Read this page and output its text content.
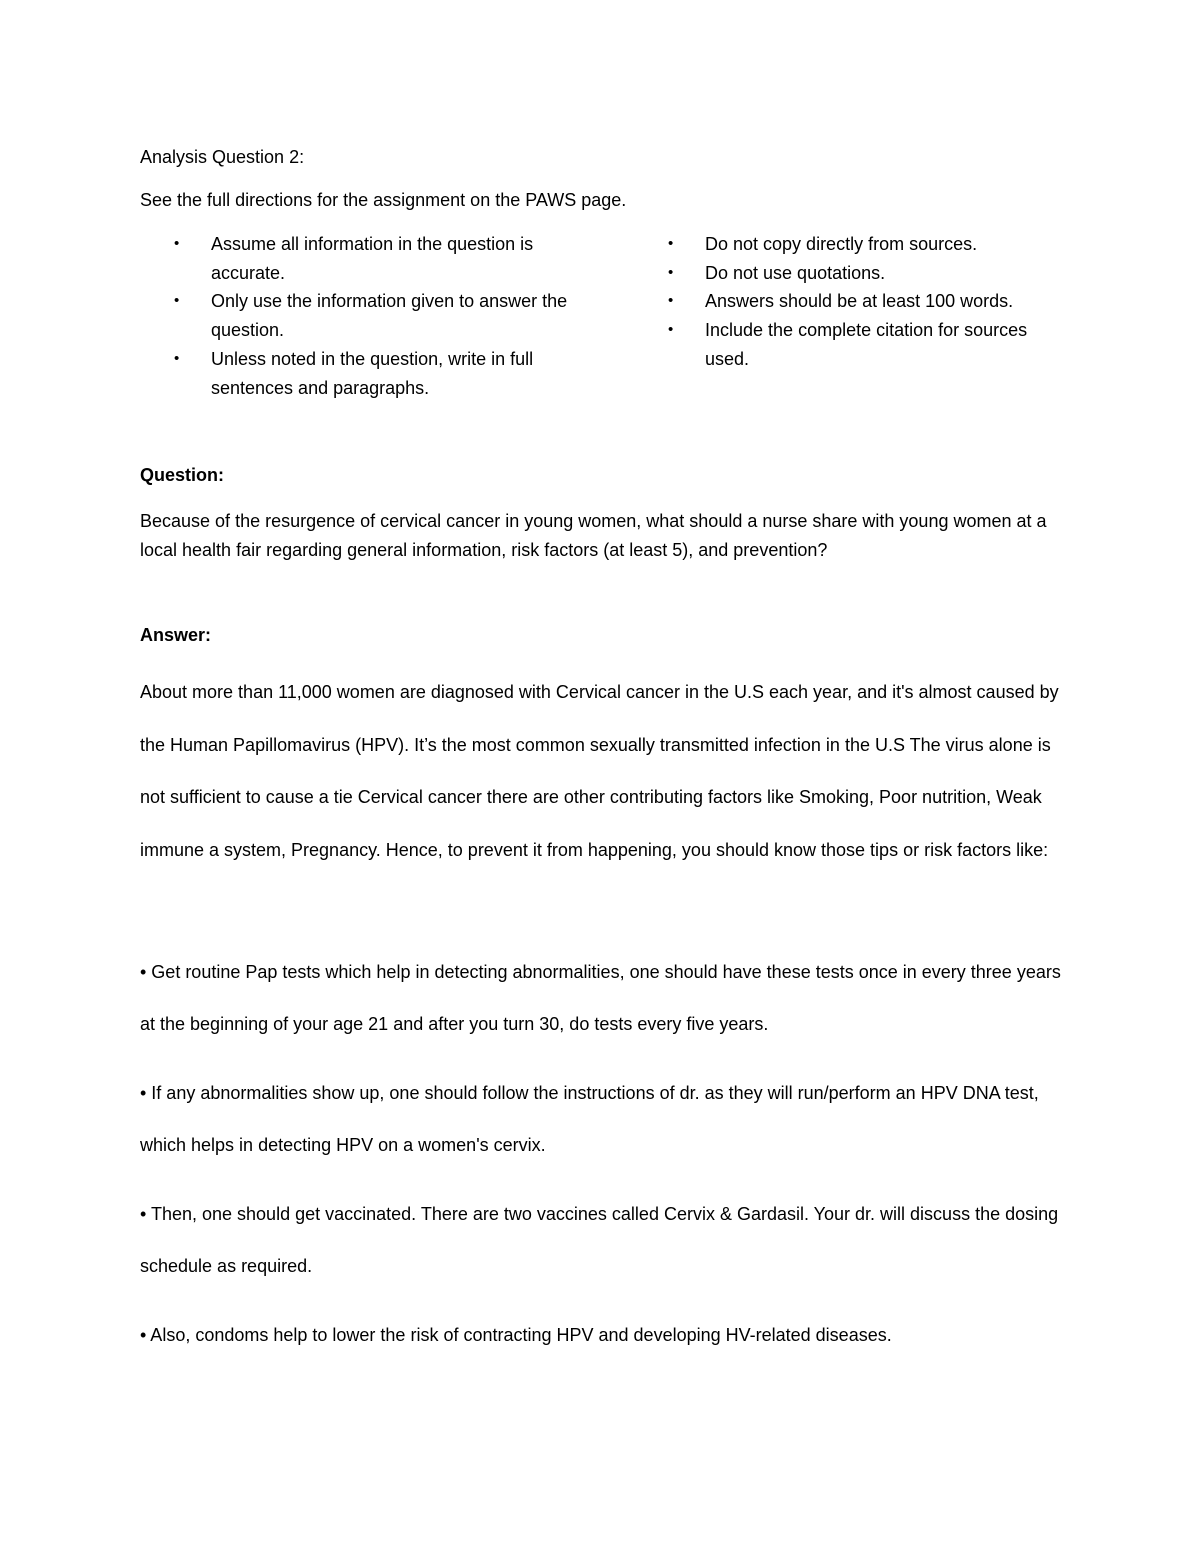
Analysis Question 2:

See the full directions for the assignment on the PAWS page.

• Assume all information in the question is accurate.
• Only use the information given to answer the question.
• Unless noted in the question, write in full sentences and paragraphs.
• Do not copy directly from sources.
• Do not use quotations.
• Answers should be at least 100 words.
• Include the complete citation for sources used.

Question:

Because of the resurgence of cervical cancer in young women, what should a nurse share with young women at a local health fair regarding general information, risk factors (at least 5), and prevention?

Answer:

About more than 11,000 women are diagnosed with Cervical cancer in the U.S each year, and it's almost caused by the Human Papillomavirus (HPV). It’s the most common sexually transmitted infection in the U.S The virus alone is not sufficient to cause a tie Cervical cancer there are other contributing factors like Smoking, Poor nutrition, Weak immune a system, Pregnancy. Hence, to prevent it from happening, you should know those tips or risk factors like:

• Get routine Pap tests which help in detecting abnormalities, one should have these tests once in every three years at the beginning of your age 21 and after you turn 30, do tests every five years.

• If any abnormalities show up, one should follow the instructions of dr. as they will run/perform an HPV DNA test, which helps in detecting HPV on a women's cervix.

• Then, one should get vaccinated. There are two vaccines called Cervix & Gardasil. Your dr. will discuss the dosing schedule as required.

• Also, condoms help to lower the risk of contracting HPV and developing HV-related diseases.
